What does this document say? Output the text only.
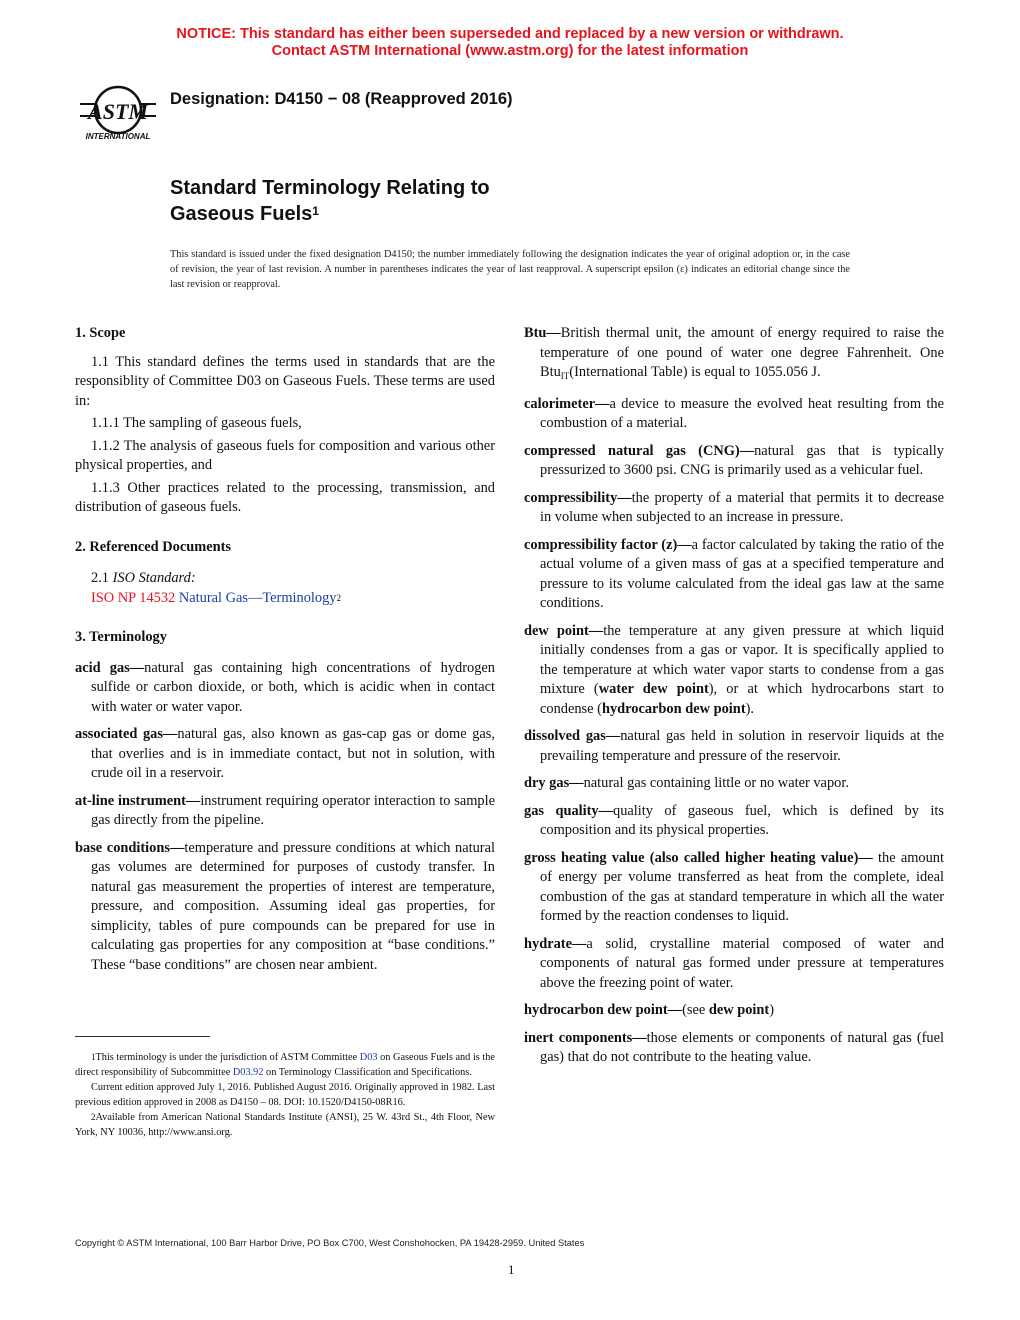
NOTICE: This standard has either been superseded and replaced by a new version or withdrawn.
Contact ASTM International (www.astm.org) for the latest information
ASTM
INTERNATIONAL
Designation: D4150 − 08 (Reapproved 2016)
Standard Terminology Relating to
Gaseous Fuels$^1$
This standard is issued under the fixed designation D4150; the number immediately following the designation indicates the year of original adoption or, in the case of revision, the year of last revision. A number in parentheses indicates the year of last reapproval. A superscript epsilon (ε) indicates an editorial change since the last revision or reapproval.

1. Scope

1.1 This standard defines the terms used in standards that are the responsiblity of Committee D03 on Gaseous Fuels. These terms are used in:

1.1.1 The sampling of gaseous fuels,

1.1.2 The analysis of gaseous fuels for composition and various other physical properties, and

1.1.3 Other practices related to the processing, transmission, and distribution of gaseous fuels.

2. Referenced Documents

2.1 ISO Standard:

ISO NP 14532 Natural Gas—Terminology$^2$

3. Terminology

acid gas—natural gas containing high concentrations of hydrogen sulfide or carbon dioxide, or both, which is acidic when in contact with water or water vapor.

associated gas—natural gas, also known as gas-cap gas or dome gas, that overlies and is in immediate contact, but not in solution, with crude oil in a reservoir.

at-line instrument—instrument requiring operator interaction to sample gas directly from the pipeline.

base conditions—temperature and pressure conditions at which natural gas volumes are determined for purposes of custody transfer. In natural gas measurement the properties of interest are temperature, pressure, and composition. Assuming ideal gas properties, for simplicity, tables of pure compounds can be prepared for use in calculating gas properties for any composition at “base conditions.” These “base conditions” are chosen near ambient.

Btu—British thermal unit, the amount of energy required to raise the temperature of one pound of water one degree Fahrenheit. One Btu$_{IT}$(International Table) is equal to 1055.056 J.

calorimeter—a device to measure the evolved heat resulting from the combustion of a material.

compressed natural gas (CNG)—natural gas that is typically pressurized to 3600 psi. CNG is primarily used as a vehicular fuel.

compressibility—the property of a material that permits it to decrease in volume when subjected to an increase in pressure.

compressibility factor (z)—a factor calculated by taking the ratio of the actual volume of a given mass of gas at a specified temperature and pressure to its volume calculated from the ideal gas law at the same conditions.

dew point—the temperature at any given pressure at which liquid initially condenses from a gas or vapor. It is specifically applied to the temperature at which water vapor starts to condense from a gas mixture (water dew point), or at which hydrocarbons start to condense (hydrocarbon dew point).

dissolved gas—natural gas held in solution in reservoir liquids at the prevailing temperature and pressure of the reservoir.

dry gas—natural gas containing little or no water vapor.

gas quality—quality of gaseous fuel, which is defined by its composition and its physical properties.

gross heating value (also called higher heating value)— the amount of energy per volume transferred as heat from the complete, ideal combustion of the gas at standard temperature in which all the water formed by the reaction condenses to liquid.

hydrate—a solid, crystalline material composed of water and components of natural gas formed under pressure at temperatures above the freezing point of water.

hydrocarbon dew point—(see dew point)

inert components—those elements or components of natural gas (fuel gas) that do not contribute to the heating value.

1This terminology is under the jurisdiction of ASTM Committee D03 on Gaseous Fuels and is the direct responsibility of Subcommittee D03.92 on Terminology Classification and Specifications.

Current edition approved July 1, 2016. Published August 2016. Originally approved in 1982. Last previous edition approved in 2008 as D4150 – 08. DOI: 10.1520/D4150-08R16.

2Available from American National Standards Institute (ANSI), 25 W. 43rd St., 4th Floor, New York, NY 10036, http://www.ansi.org.

Copyright © ASTM International, 100 Barr Harbor Drive, PO Box C700, West Conshohocken, PA 19428-2959. United States
1
